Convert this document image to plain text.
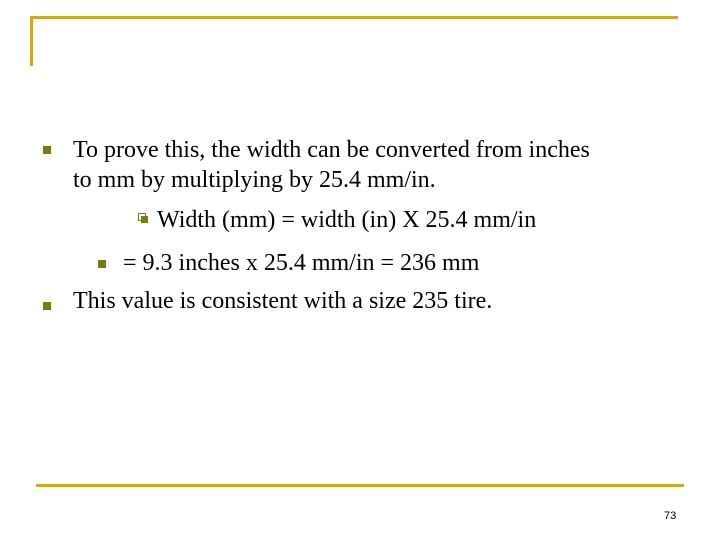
To prove this, the width can be converted from inches
to mm by multiplying by 25.4 mm/in.
Width (mm) = width (in) X 25.4 mm/in
= 9.3 inches x 25.4 mm/in = 236 mm
This value is consistent with a size 235 tire.
73
